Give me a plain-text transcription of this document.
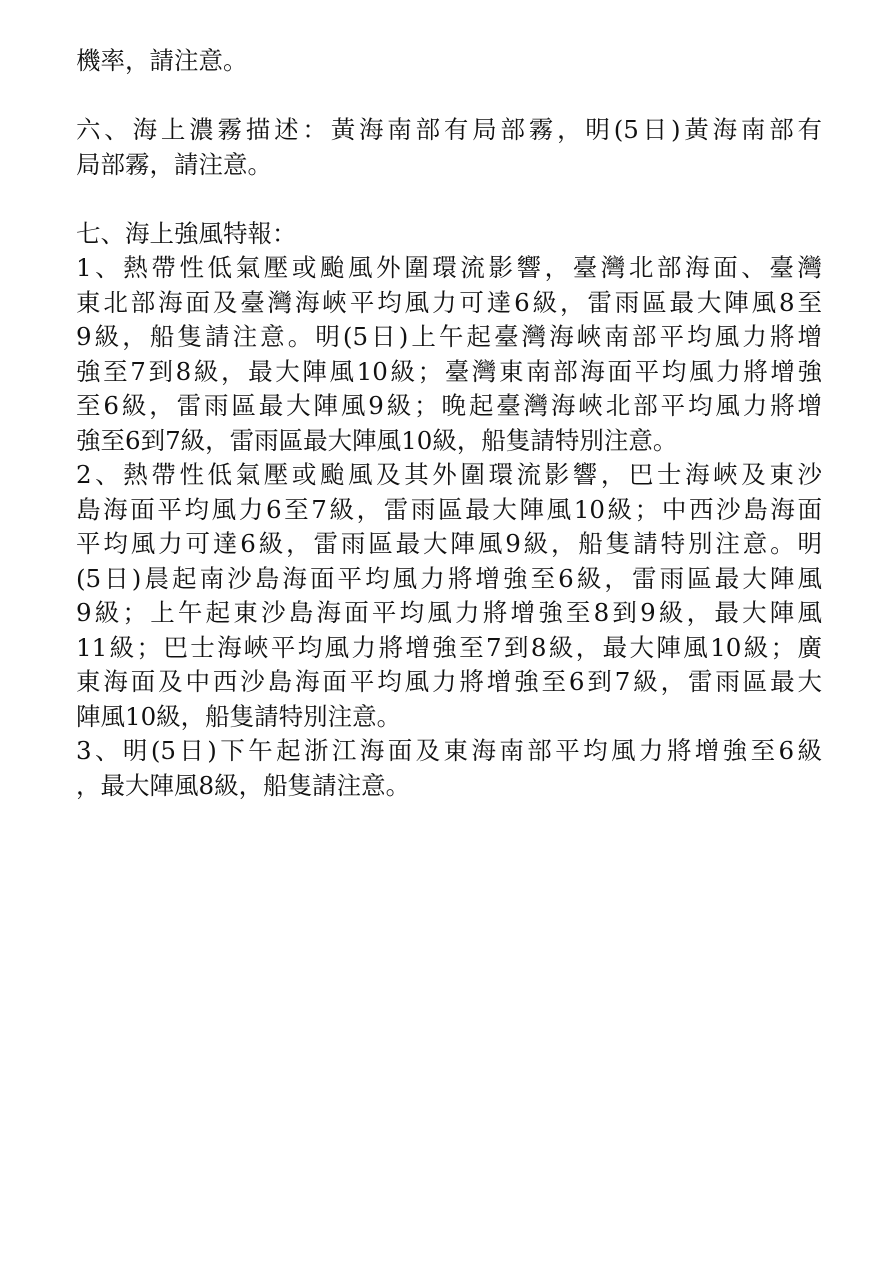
機率，請注意。
六、海上濃霧描述：黃海南部有局部霧，明(5日)黃海南部有
局部霧，請注意。
七、海上強風特報：
1、熱帶性低氣壓或颱風外圍環流影響，臺灣北部海面、臺灣
東北部海面及臺灣海峽平均風力可達6級，雷雨區最大陣風8至
9級，船隻請注意。明(5日)上午起臺灣海峽南部平均風力將增
強至7到8級，最大陣風10級；臺灣東南部海面平均風力將增強
至6級，雷雨區最大陣風9級；晚起臺灣海峽北部平均風力將增
強至6到7級，雷雨區最大陣風10級，船隻請特別注意。
2、熱帶性低氣壓或颱風及其外圍環流影響，巴士海峽及東沙
島海面平均風力6至7級，雷雨區最大陣風10級；中西沙島海面
平均風力可達6級，雷雨區最大陣風9級，船隻請特別注意。明
(5日)晨起南沙島海面平均風力將增強至6級，雷雨區最大陣風
9級；上午起東沙島海面平均風力將增強至8到9級，最大陣風
11級；巴士海峽平均風力將增強至7到8級，最大陣風10級；廣
東海面及中西沙島海面平均風力將增強至6到7級，雷雨區最大
陣風10級，船隻請特別注意。
3、明(5日)下午起浙江海面及東海南部平均風力將增強至6級
，最大陣風8級，船隻請注意。
